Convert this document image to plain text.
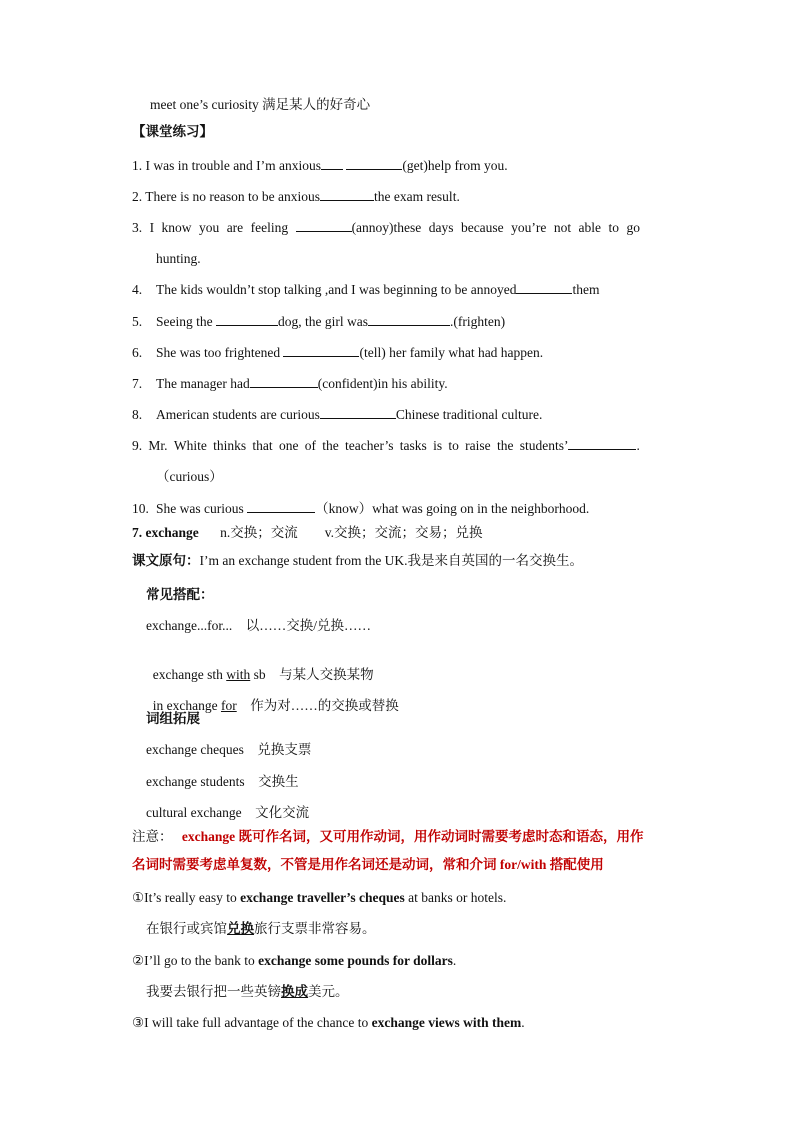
meet one’s curiosity 满足某人的好奇心
【课堂练习】
1. I was in trouble and I’m anxious	(get)help from you.
2. There is no reason to be anxious	the exam result.
3. I know you are feeling	(annoy)these days because you’re not able to go
hunting.
4. The kids wouldn’t stop talking ,and I was beginning to be annoyed	them
5. Seeing the	dog, the girl was	.(frighten)
6. She was too frightened	(tell) her family what had happen.
7. The manager had	(confident)in his ability.
8. American students are curious	Chinese traditional culture.
9. Mr. White thinks that one of the teacher’s tasks is to raise the students’	.
（curious）
10. She was curious	（know）what was going on in the neighborhood.
7. exchange n.交换；交流        v.交换；交流；交易；兑换
课文原句：I’m an exchange student from the UK.我是来自英国的一名交换生。
常见搭配：
exchange...for...    以……交换/兑换……

exchange sth with sb    与某人交换某物

in exchange for    作为对……的交换或替换

词组拓展
exchange cheques    兑换支票
exchange students    交换生
cultural exchange    文化交流
注意： exchange 既可作名词，又可用作动词，用作动词时需要考虑时态和语态，用作
名词时需要考虑单复数，不管是用作名词还是动词，常和介词 for/with 搭配使用
①It’s really easy to exchange traveller’s cheques at banks or hotels.
在银行或宾馆兑换旅行支票非常容易。
②I’ll go to the bank to exchange some pounds for dollars.
我要去银行把一些英镑换成美元。
③I will take full advantage of the chance to exchange views with them.
